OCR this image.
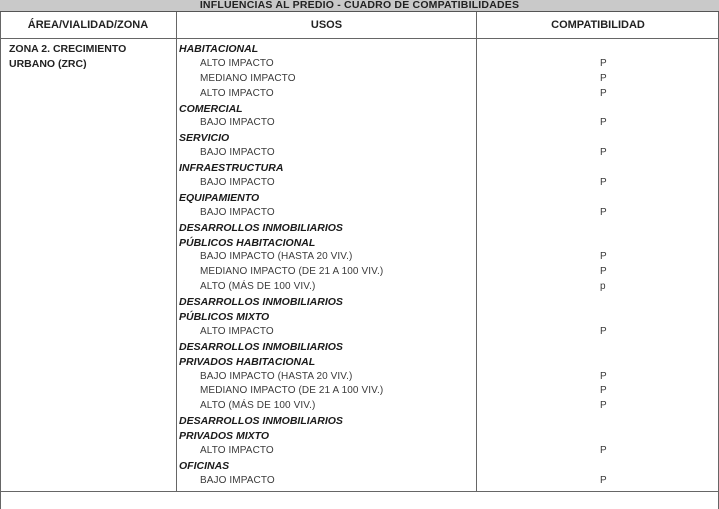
INFLUENCIAS AL PREDIO - CUADRO DE COMPATIBILIDADES
ÁREA/VIALIDAD/ZONA	USOS	COMPATIBILIDAD
ZONA 2. CRECIMIENTO
URBANO (ZRC)
HABITACIONAL
ALTO IMPACTO	P
MEDIANO IMPACTO	P
ALTO IMPACTO	P
COMERCIAL
BAJO IMPACTO	P
SERVICIO
BAJO IMPACTO	P
INFRAESTRUCTURA
BAJO IMPACTO	P
EQUIPAMIENTO
BAJO IMPACTO	P
DESARROLLOS INMOBILIARIOS
PÚBLICOS HABITACIONAL
BAJO IMPACTO (HASTA 20 VIV.)	P
MEDIANO IMPACTO (DE 21 A 100 VIV.)	P
ALTO (MÁS DE 100 VIV.)	p
DESARROLLOS INMOBILIARIOS
PÚBLICOS MIXTO
ALTO IMPACTO	P
DESARROLLOS INMOBILIARIOS
PRIVADOS HABITACIONAL
BAJO IMPACTO (HASTA 20 VIV.)	P
MEDIANO IMPACTO (DE 21 A 100 VIV.)	P
ALTO (MÁS DE 100 VIV.)	P
DESARROLLOS INMOBILIARIOS
PRIVADOS MIXTO
ALTO IMPACTO	P
OFICINAS
BAJO IMPACTO	P
